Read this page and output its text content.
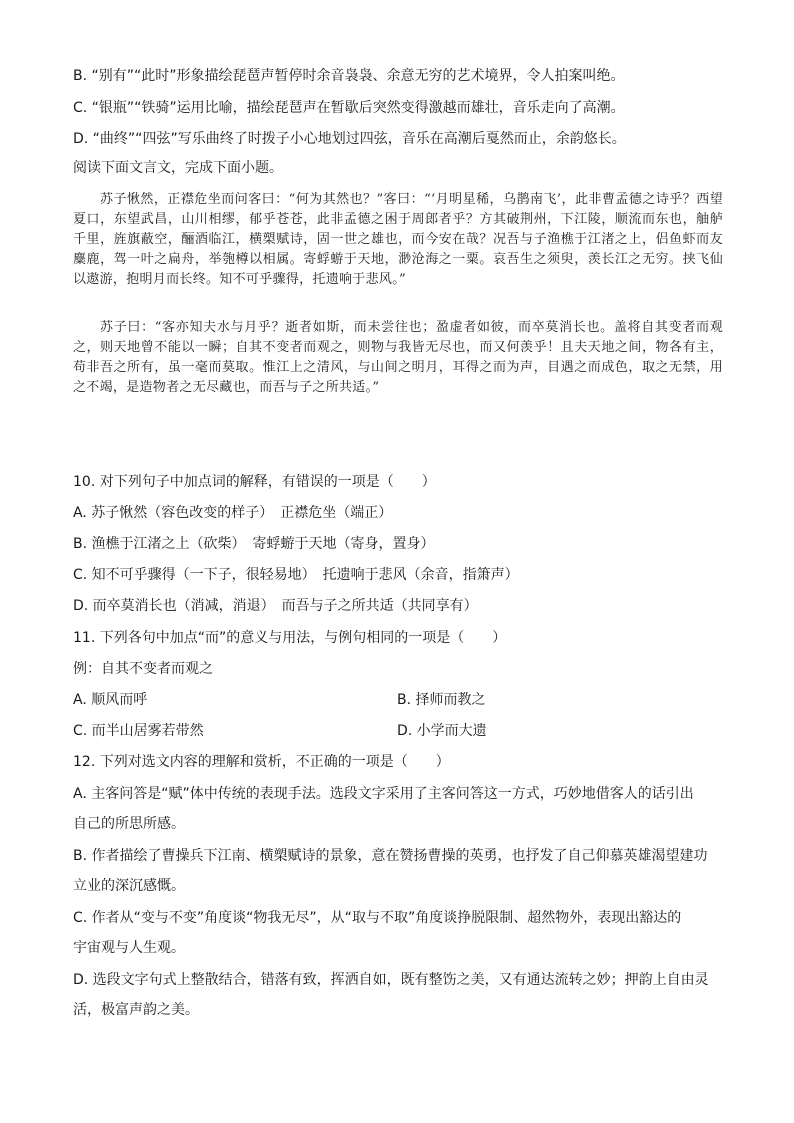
B. “别有”“此时”形象描绘琵琶声暂停时余音袅袅、余意无穷的艺术境界，令人拍案叫绝。
C. “银瓶”“铁骑”运用比喻，描绘琵琶声在暂歇后突然变得激越而雄壮，音乐走向了高潮。
D. “曲终”“四弦”写乐曲终了时拨子小心地划过四弦，音乐在高潮后戛然而止，余韵悠长。
阅读下面文言文，完成下面小题。

苏子愀然，正襟危坐而问客曰：“何为其然也？”客曰：“‘月明星稀，乌鹊南飞’，此非曹孟德之诗乎？西望夏口，东望武昌，山川相缪，郁乎苍苍，此非孟德之困于周郎者乎？方其破荆州，下江陵，顺流而东也，舳舻千里，旌旗蔽空，酾酒临江，横槊赋诗，固一世之雄也，而今安在哉？况吾与子渔樵于江渚之上，侣鱼虾而友麋鹿，驾一叶之扁舟，举匏樽以相属。寄蜉蝣于天地，渺沧海之一粟。哀吾生之须臾，羡长江之无穷。挟飞仙以遨游，抱明月而长终。知不可乎骤得，托遗响于悲风。”

苏子曰：“客亦知夫水与月乎？逝者如斯，而未尝往也；盈虚者如彼，而卒莫消长也。盖将自其变者而观之，则天地曾不能以一瞬；自其不变者而观之，则物与我皆无尽也，而又何羡乎！且夫天地之间，物各有主，苟非吾之所有，虽一毫而莫取。惟江上之清风，与山间之明月，耳得之而为声，目遇之而成色，取之无禁，用之不竭，是造物者之无尽藏也，而吾与子之所共适。”

10. 对下列句子中加点词的解释，有错误的一项是（　　）
A. 苏子愀然（容色改变的样子）　正襟危坐（端正）
B. 渔樵于江渚之上（砍柴）　寄蜉蝣于天地（寄身，置身）
C. 知不可乎骤得（一下子，很轻易地）　托遗响于悲风（余音，指箫声）
D. 而卒莫消长也（消减，消退）　而吾与子之所共适（共同享有）
11. 下列各句中加点“而”的意义与用法，与例句相同的一项是（　　）
例：自其不变者而观之
A. 顺风而呼	B. 择师而教之
C. 而半山居雾若带然	D. 小学而大遗
12. 下列对选文内容的理解和赏析，不正确的一项是（　　）
A. 主客问答是“赋”体中传统的表现手法。选段文字采用了主客问答这一方式，巧妙地借客人的话引出
自己的所思所感。
B. 作者描绘了曹操兵下江南、横槊赋诗的景象，意在赞扬曹操的英勇，也抒发了自己仰慕英雄渴望建功
立业的深沉感慨。
C. 作者从“变与不变”角度谈“物我无尽”，从“取与不取”角度谈挣脱限制、超然物外，表现出豁达的
宇宙观与人生观。
D. 选段文字句式上整散结合，错落有致，挥洒自如，既有整饬之美，又有通达流转之妙；押韵上自由灵
活，极富声韵之美。
